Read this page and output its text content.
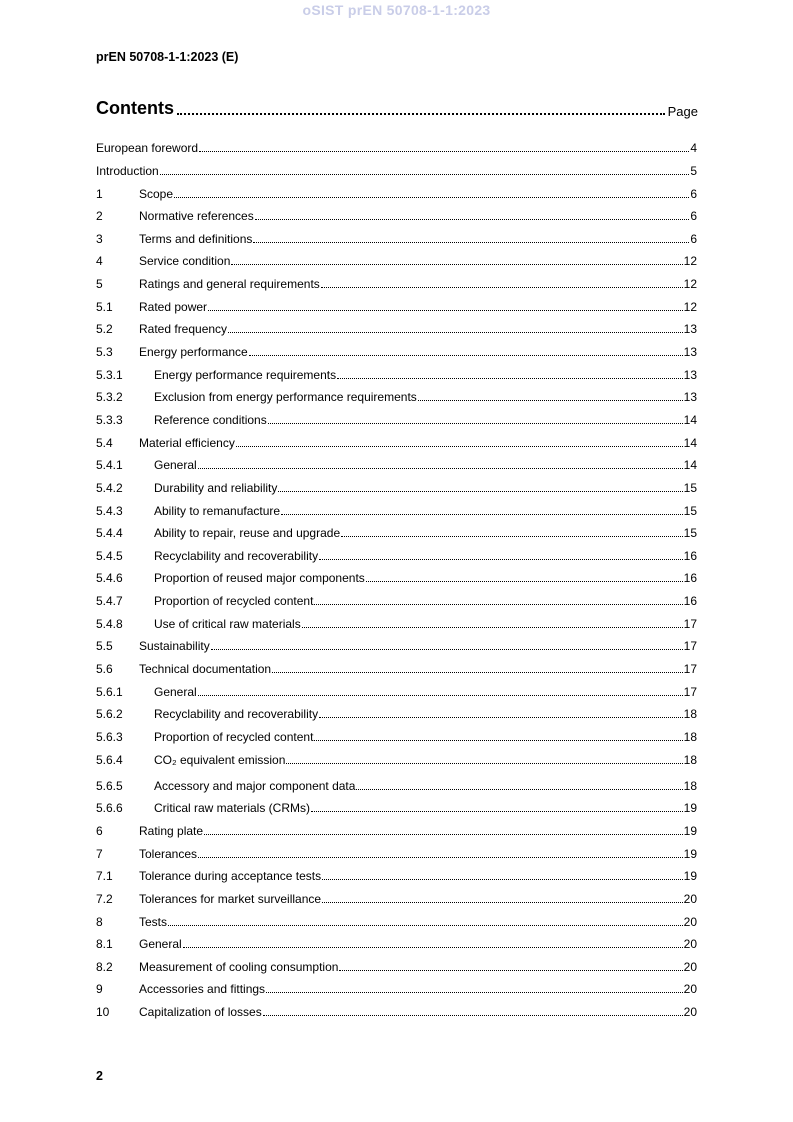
oSIST prEN 50708-1-1:2023
prEN 50708-1-1:2023 (E)
Contents	Page
European foreword	4
Introduction	5
1	Scope	6
2	Normative references	6
3	Terms and definitions	6
4	Service condition	12
5	Ratings and general requirements	12
5.1	Rated power	12
5.2	Rated frequency	13
5.3	Energy performance	13
5.3.1	Energy performance requirements	13
5.3.2	Exclusion from energy performance requirements	13
5.3.3	Reference conditions	14
5.4	Material efficiency	14
5.4.1	General	14
5.4.2	Durability and reliability	15
5.4.3	Ability to remanufacture	15
5.4.4	Ability to repair, reuse and upgrade	15
5.4.5	Recyclability and recoverability	16
5.4.6	Proportion of reused major components	16
5.4.7	Proportion of recycled content	16
5.4.8	Use of critical raw materials	17
5.5	Sustainability	17
5.6	Technical documentation	17
5.6.1	General	17
5.6.2	Recyclability and recoverability	18
5.6.3	Proportion of recycled content	18
5.6.4	CO₂ equivalent emission	18
5.6.5	Accessory and major component data	18
5.6.6	Critical raw materials (CRMs)	19
6	Rating plate	19
7	Tolerances	19
7.1	Tolerance during acceptance tests	19
7.2	Tolerances for market surveillance	20
8	Tests	20
8.1	General	20
8.2	Measurement of cooling consumption	20
9	Accessories and fittings	20
10	Capitalization of losses	20
2
